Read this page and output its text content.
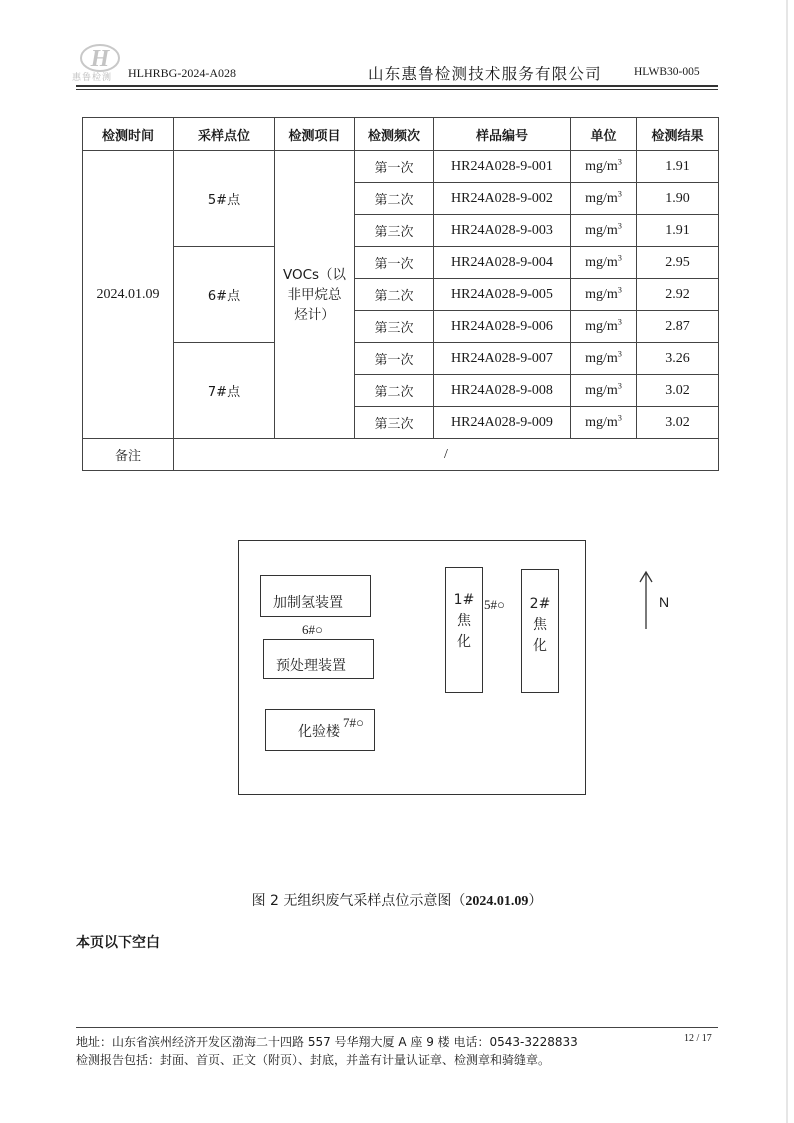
H
惠鲁检测 HLHRBG-2024-A028	山东惠鲁检测技术服务有限公司	HLWB30-005
检测时间	采样点位	检测项目	检测频次	样品编号	单位	检测结果
2024.01.09	5#点	VOCs（以
非甲烷总
烃计）	第一次	HR24A028-9-001	$mg/m^3$	1.91
			第二次	HR24A028-9-002	$mg/m^3$	1.90
			第三次	HR24A028-9-003	$mg/m^3$	1.91
	6#点		第一次	HR24A028-9-004	$mg/m^3$	2.95
			第二次	HR24A028-9-005	$mg/m^3$	2.92
			第三次	HR24A028-9-006	$mg/m^3$	2.87
	7#点		第一次	HR24A028-9-007	$mg/m^3$	3.26
			第二次	HR24A028-9-008	$mg/m^3$	3.02
			第三次	HR24A028-9-009	$mg/m^3$	3.02
备注	/					
加制氢装置
6#○
预处理装置
化验楼
7#○
1#
焦
化
5#○ 2#
焦
化
N
图 2 无组织废气采样点位示意图（2024.01.09）
本页以下空白
地址：山东省滨州经济开发区渤海二十四路 557 号华翔大厦 A 座 9 楼 电话：0543-3228833	12 / 17
检测报告包括：封面、首页、正文（附页）、封底，并盖有计量认证章、检测章和骑缝章。
